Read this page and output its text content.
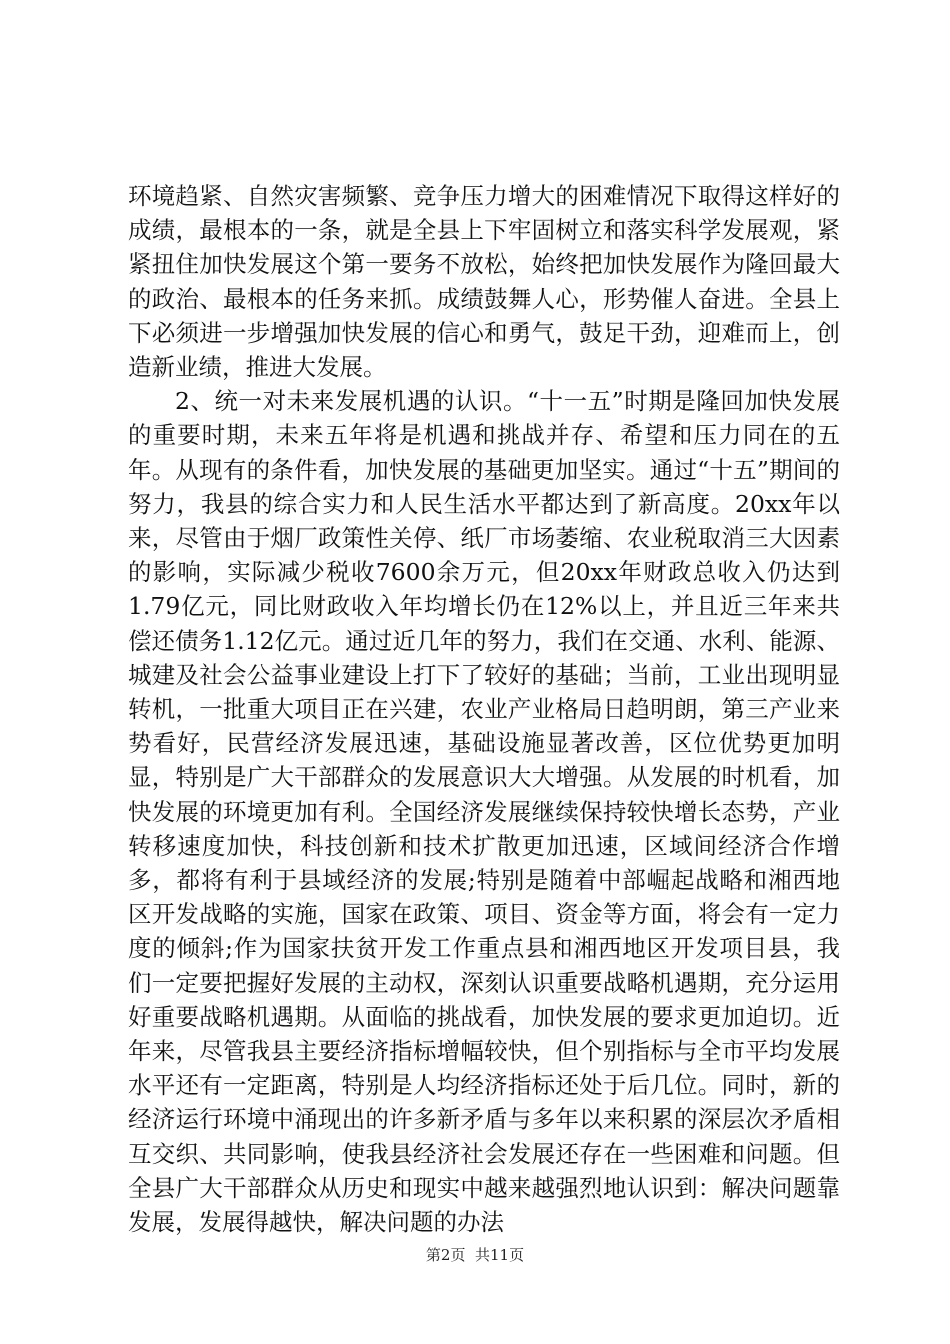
环境趋紧、自然灾害频繁、竞争压力增大的困难情况下取得这样好的成绩，最根本的一条，就是全县上下牢固树立和落实科学发展观，紧紧扭住加快发展这个第一要务不放松，始终把加快发展作为隆回最大的政治、最根本的任务来抓。成绩鼓舞人心，形势催人奋进。全县上下必须进一步增强加快发展的信心和勇气，鼓足干劲，迎难而上，创造新业绩，推进大发展。

2、统一对未来发展机遇的认识。“十一五”时期是隆回加快发展的重要时期，未来五年将是机遇和挑战并存、希望和压力同在的五年。从现有的条件看，加快发展的基础更加坚实。通过“十五”期间的努力，我县的综合实力和人民生活水平都达到了新高度。20xx年以来，尽管由于烟厂政策性关停、纸厂市场萎缩、农业税取消三大因素的影响，实际减少税收7600余万元，但20xx年财政总收入仍达到1.79亿元，同比财政收入年均增长仍在12%以上，并且近三年来共偿还债务1.12亿元。通过近几年的努力，我们在交通、水利、能源、城建及社会公益事业建设上打下了较好的基础；当前，工业出现明显转机，一批重大项目正在兴建，农业产业格局日趋明朗，第三产业来势看好，民营经济发展迅速，基础设施显著改善，区位优势更加明显，特别是广大干部群众的发展意识大大增强。从发展的时机看，加快发展的环境更加有利。全国经济发展继续保持较快增长态势，产业转移速度加快，科技创新和技术扩散更加迅速，区域间经济合作增多，都将有利于县域经济的发展;特别是随着中部崛起战略和湘西地区开发战略的实施，国家在政策、项目、资金等方面，将会有一定力度的倾斜;作为国家扶贫开发工作重点县和湘西地区开发项目县，我们一定要把握好发展的主动权，深刻认识重要战略机遇期，充分运用好重要战略机遇期。从面临的挑战看，加快发展的要求更加迫切。近年来，尽管我县主要经济指标增幅较快，但个别指标与全市平均发展水平还有一定距离，特别是人均经济指标还处于后几位。同时，新的经济运行环境中涌现出的许多新矛盾与多年以来积累的深层次矛盾相互交织、共同影响，使我县经济社会发展还存在一些困难和问题。但全县广大干部群众从历史和现实中越来越强烈地认识到：解决问题靠发展，发展得越快，解决问题的办法

第2页  共11页
